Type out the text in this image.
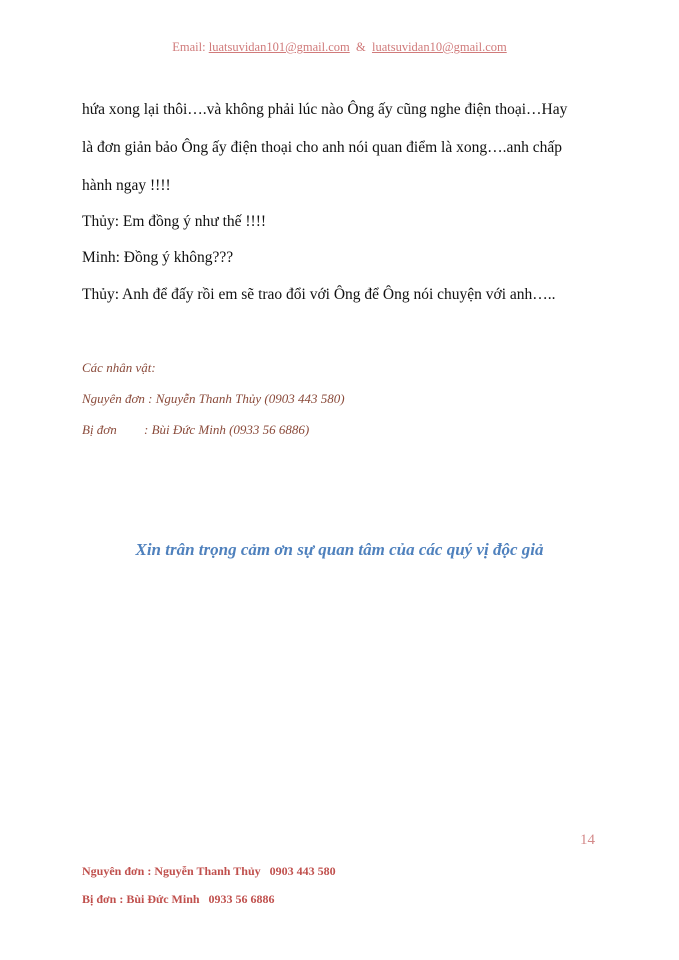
Email: luatsuvidan101@gmail.com & luatsuvidan10@gmail.com
hứa xong lại thôi….và không phải lúc nào Ông ấy cũng nghe điện thoại…Hay
là đơn giản bảo Ông ấy điện thoại cho anh nói quan điểm là xong….anh chấp
hành ngay !!!!
Thủy: Em đồng ý như thế !!!!
Minh: Đồng ý không???
Thủy: Anh để đấy rồi em sẽ trao đổi với Ông để Ông nói chuyện với anh…..
Các nhân vật:
Nguyên đơn : Nguyễn Thanh Thủy (0903 443 580)
Bị đơn : Bùi Đức Minh (0933 56 6886)
Xin trân trọng cảm ơn sự quan tâm của các quý vị độc giả
14
Nguyên đơn : Nguyễn Thanh Thủy   0903 443 580
Bị đơn : Bùi Đức Minh   0933 56 6886
